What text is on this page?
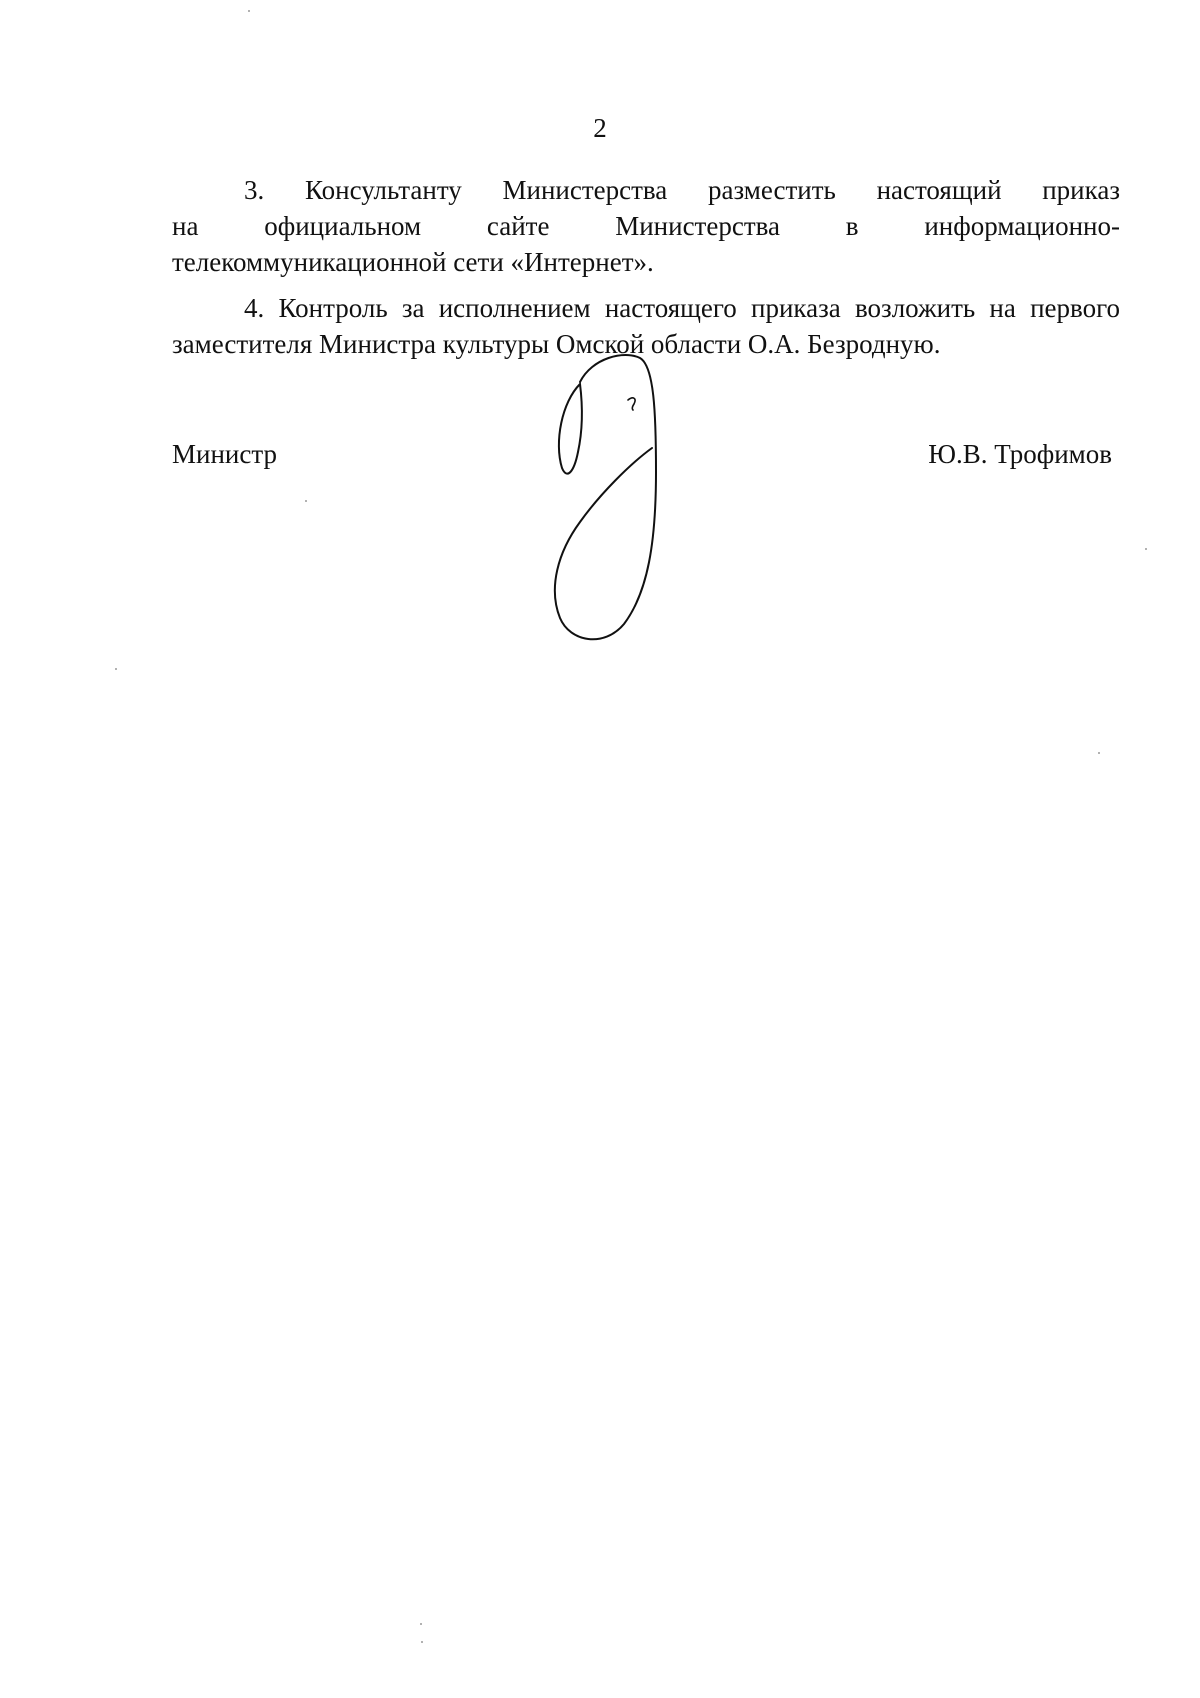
2

3. Консультанту Министерства разместить настоящий приказ
на официальном сайте Министерства в информационно-
телекоммуникационной сети «Интернет».

4. Контроль за исполнением настоящего приказа возложить на первого
заместителя Министра культуры Омской области О.А. Безродную.

Министр	Ю.В. Трофимов
